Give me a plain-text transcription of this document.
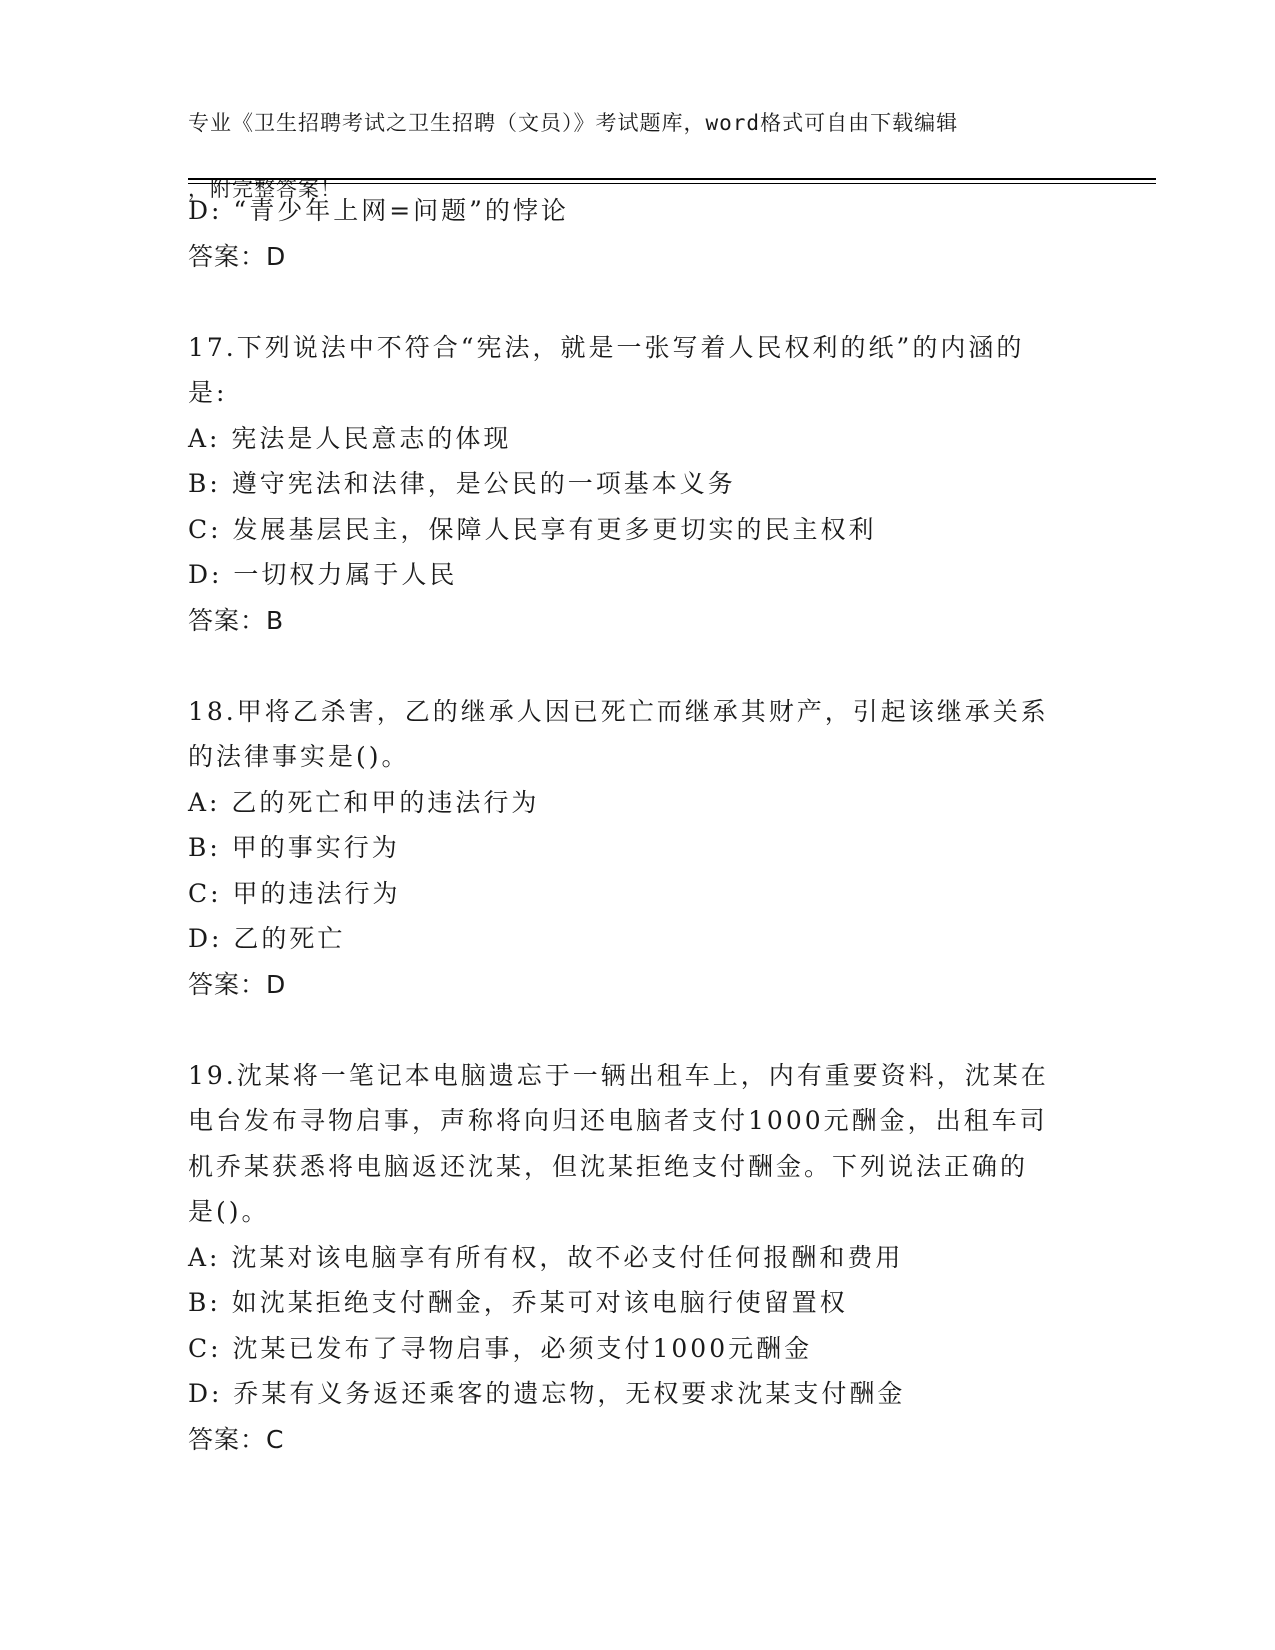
专业《卫生招聘考试之卫生招聘（文员）》考试题库，word格式可自由下载编辑

，附完整答案！

D: “青少年上网=问题”的悖论
答案：D
17.下列说法中不符合“宪法，就是一张写着人民权利的纸”的内涵的
是:
A: 宪法是人民意志的体现
B: 遵守宪法和法律，是公民的一项基本义务
C: 发展基层民主，保障人民享有更多更切实的民主权利
D: 一切权力属于人民
答案：B
18.甲将乙杀害，乙的继承人因已死亡而继承其财产，引起该继承关系
的法律事实是()。
A: 乙的死亡和甲的违法行为
B: 甲的事实行为
C: 甲的违法行为
D: 乙的死亡
答案：D
19.沈某将一笔记本电脑遗忘于一辆出租车上，内有重要资料，沈某在
电台发布寻物启事，声称将向归还电脑者支付1000元酬金，出租车司
机乔某获悉将电脑返还沈某，但沈某拒绝支付酬金。下列说法正确的
是()。
A: 沈某对该电脑享有所有权，故不必支付任何报酬和费用
B: 如沈某拒绝支付酬金，乔某可对该电脑行使留置权
C: 沈某已发布了寻物启事，必须支付1000元酬金
D: 乔某有义务返还乘客的遗忘物，无权要求沈某支付酬金
答案：C
